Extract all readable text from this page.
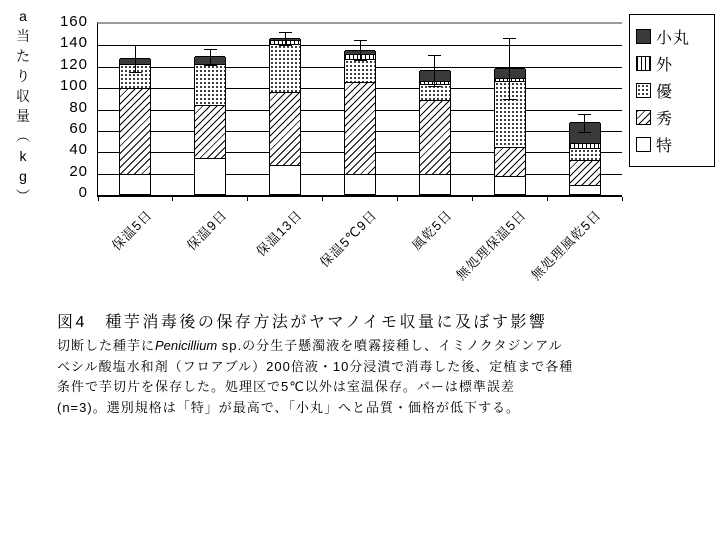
a
当
た
り
収
量
︵
k
g
︶
160
140
120
100
80
60
40
20
0
保温5日 保温9日 保温13日 保温5℃9日 風乾5日 無処理保温5日 無処理風乾5日
小丸
外
優
秀
特
図4　種芋消毒後の保存方法がヤマノイモ収量に及ぼす影響
切断した種芋にPenicillium sp.の分生子懸濁液を噴霧接種し、イミノクタジンアル
ベシル酸塩水和剤（フロアブル）200倍液・10分浸漬で消毒した後、定植まで各種
条件で芋切片を保存した。処理区で5℃以外は室温保存。バーは標準誤差
(n=3)。選別規格は「特」が最高で、「小丸」へと品質・価格が低下する。
